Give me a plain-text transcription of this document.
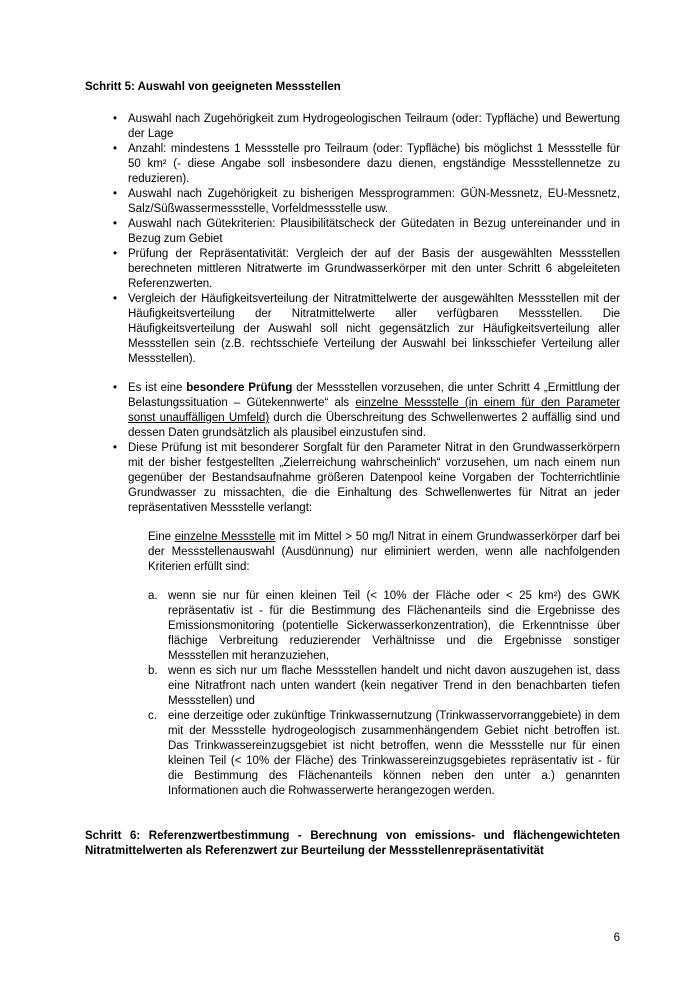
Schritt 5: Auswahl von geeigneten Messstellen
• Auswahl nach Zugehörigkeit zum Hydrogeologischen Teilraum (oder: Typfläche) und Bewertung der Lage
• Anzahl: mindestens 1 Messstelle pro Teilraum (oder: Typfläche) bis möglichst 1 Messstelle für 50 km² (- diese Angabe soll insbesondere dazu dienen, engständige Messstellennetze zu reduzieren).
• Auswahl nach Zugehörigkeit zu bisherigen Messprogrammen: GÜN-Messnetz, EU-Messnetz, Salz/Süßwassermessstelle, Vorfeldmessstelle usw.
• Auswahl nach Gütekriterien: Plausibilitätscheck der Gütedaten in Bezug untereinander und in Bezug zum Gebiet
• Prüfung der Repräsentativität: Vergleich der auf der Basis der ausgewählten Messstellen berechneten mittleren Nitratwerte im Grundwasserkörper mit den unter Schritt 6 abgeleiteten Referenzwerten.
• Vergleich der Häufigkeitsverteilung der Nitratmittelwerte der ausgewählten Messstellen mit der Häufigkeitsverteilung der Nitratmittelwerte aller verfügbaren Messstellen. Die Häufigkeitsverteilung der Auswahl soll nicht gegensätzlich zur Häufigkeitsverteilung aller Messstellen sein (z.B. rechtsschiefe Verteilung der Auswahl bei linksschiefer Verteilung aller Messstellen).
• Es ist eine besondere Prüfung der Messstellen vorzusehen, die unter Schritt 4 „Ermittlung der Belastungssituation – Gütekennwerte“ als einzelne Messstelle (in einem für den Parameter sonst unauffälligen Umfeld) durch die Überschreitung des Schwellenwertes 2 auffällig sind und dessen Daten grundsätzlich als plausibel einzustufen sind.
• Diese Prüfung ist mit besonderer Sorgfalt für den Parameter Nitrat in den Grundwasserkörpern mit der bisher festgestellten „Zielerreichung wahrscheinlich“ vorzusehen, um nach einem nun gegenüber der Bestandsaufnahme größeren Datenpool keine Vorgaben der Tochterrichtlinie Grundwasser zu missachten, die die Einhaltung des Schwellenwertes für Nitrat an jeder repräsentativen Messstelle verlangt:
Eine einzelne Messstelle mit im Mittel > 50 mg/l Nitrat in einem Grundwasserkörper darf bei der Messstellenauswahl (Ausdünnung) nur eliminiert werden, wenn alle nachfolgenden Kriterien erfüllt sind:
a. wenn sie nur für einen kleinen Teil (< 10% der Fläche oder < 25 km²) des GWK repräsentativ ist - für die Bestimmung des Flächenanteils sind die Ergebnisse des Emissionsmonitoring (potentielle Sickerwasserkonzentration), die Erkenntnisse über flächige Verbreitung reduzierender Verhältnisse und die Ergebnisse sonstiger Messstellen mit heranzuziehen,
b. wenn es sich nur um flache Messstellen handelt und nicht davon auszugehen ist, dass eine Nitratfront nach unten wandert (kein negativer Trend in den benachbarten tiefen Messstellen) und
c. eine derzeitige oder zukünftige Trinkwassernutzung (Trinkwasservorranggebiete) in dem mit der Messstelle hydrogeologisch zusammenhängendem Gebiet nicht betroffen ist. Das Trinkwassereinzugsgebiet ist nicht betroffen, wenn die Messstelle nur für einen kleinen Teil (< 10% der Fläche) des Trinkwassereinzugsgebietes repräsentativ ist - für die Bestimmung des Flächenanteils können neben den unter a.) genannten Informationen auch die Rohwasserwerte herangezogen werden.
Schritt 6: Referenzwertbestimmung - Berechnung von emissions- und flächengewichteten Nitratmittelwerten als Referenzwert zur Beurteilung der Messstellenrepräsentativität
6
